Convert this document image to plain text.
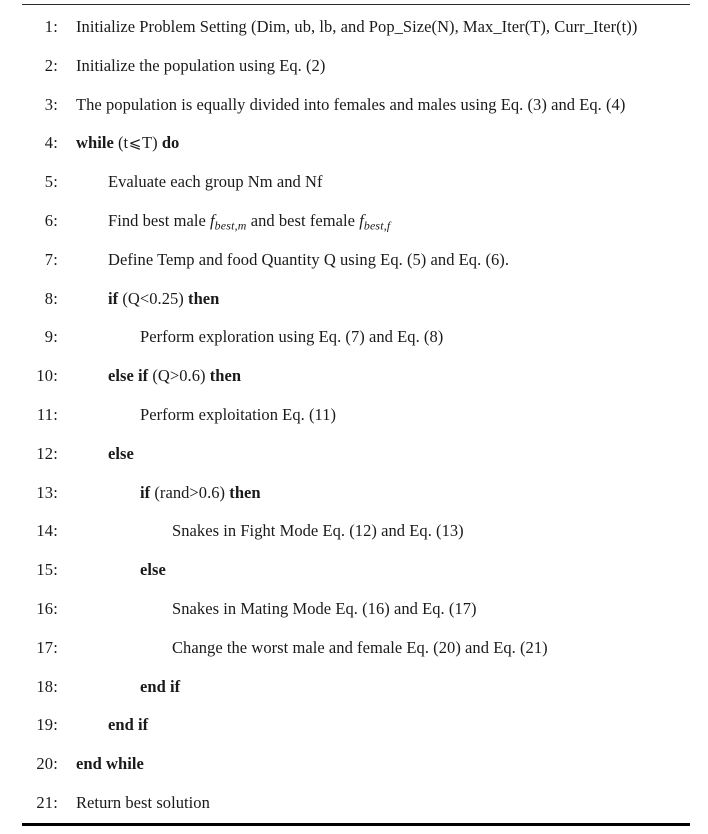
1:	Initialize Problem Setting (Dim, ub, lb, and Pop_Size(N), Max_Iter(T), Curr_Iter(t))
2:	Initialize the population using Eq. (2)
3:	The population is equally divided into females and males using Eq. (3) and Eq. (4)
4:	while (t⩽T) do
5:	Evaluate each group Nm and Nf
6:	Find best male $f_{best,m}$ and best female $f_{best,f}$
7:	Define Temp and food Quantity Q using Eq. (5) and Eq. (6).
8:	if (Q<0.25) then
9:	Perform exploration using Eq. (7) and Eq. (8)
10:	else if (Q>0.6) then
11:	Perform exploitation Eq. (11)
12:	else
13:	if (rand>0.6) then
14:	Snakes in Fight Mode Eq. (12) and Eq. (13)
15:	else
16:	Snakes in Mating Mode Eq. (16) and Eq. (17)
17:	Change the worst male and female Eq. (20) and Eq. (21)
18:	end if
19:	end if
20:	end while
21:	Return best solution
